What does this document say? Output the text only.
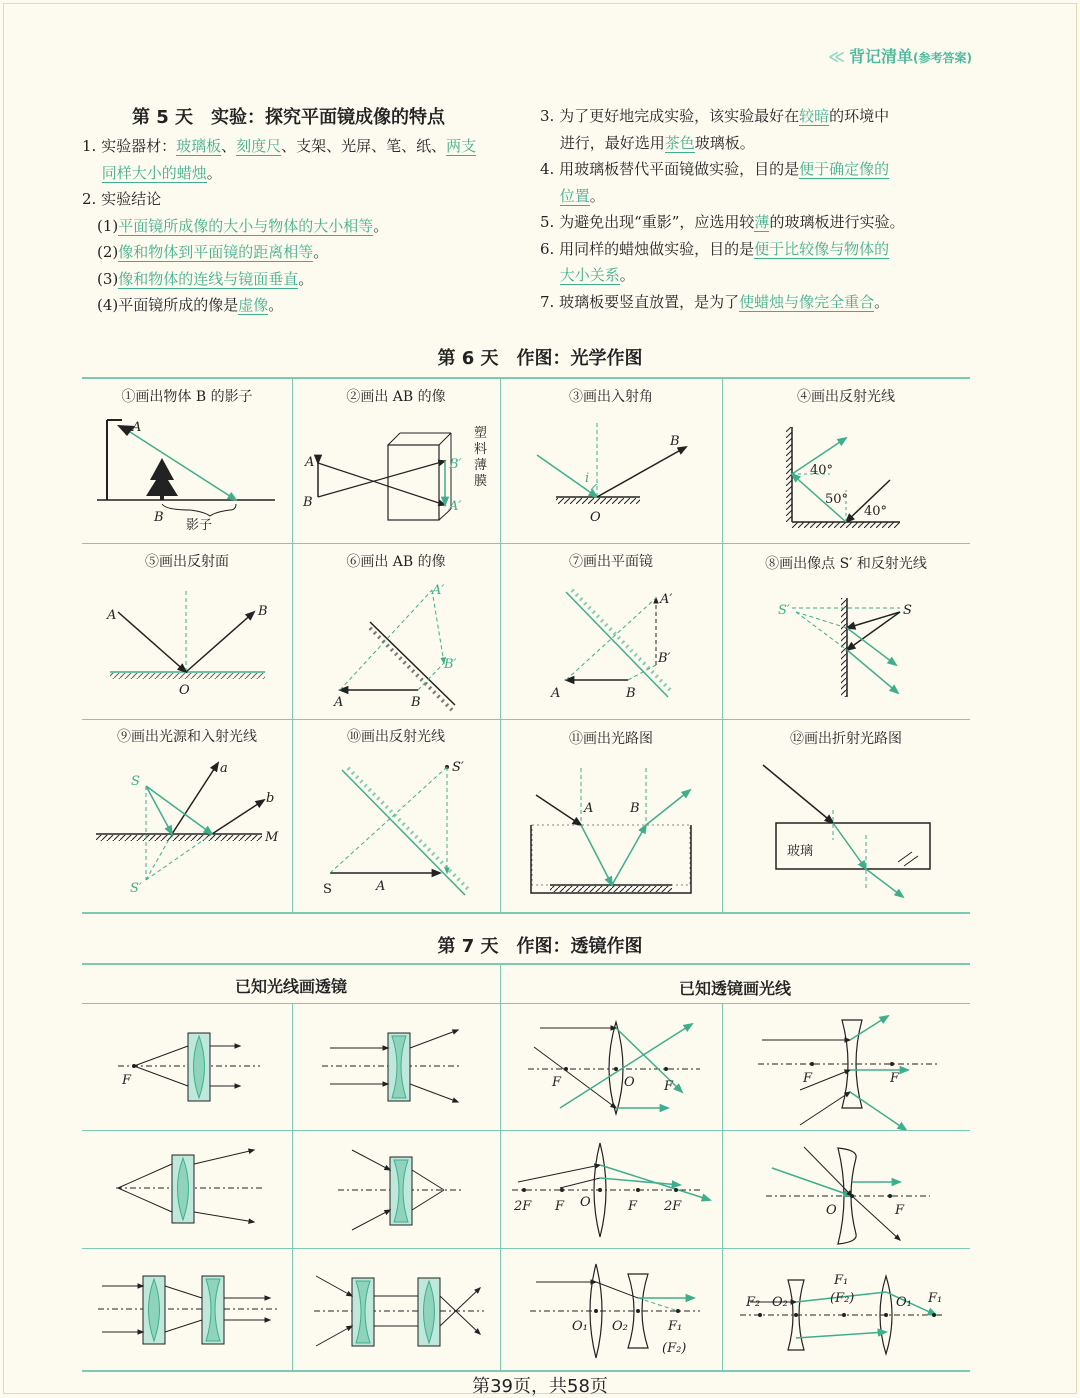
≪ 背记清单(参考答案)
第 5 天　实验：探究平面镜成像的特点
1. 实验器材：玻璃板、刻度尺、支架、光屏、笔、纸、两支
　 同样大小的蜡烛。
2. 实验结论
　(1)平面镜所成像的大小与物体的大小相等。
　(2)像和物体到平面镜的距离相等。
　(3)像和物体的连线与镜面垂直。
　(4)平面镜所成的像是虚像。
3. 为了更好地完成实验，该实验最好在较暗的环境中
　 进行，最好选用茶色玻璃板。
4. 用玻璃板替代平面镜做实验，目的是便于确定像的
　 位置。
5. 为避免出现“重影”，应选用较薄的玻璃板进行实验。
6. 用同样的蜡烛做实验，目的是便于比较像与物体的
　 大小关系。
7. 玻璃板要竖直放置，是为了使蜡烛与像完全重合。
第 6 天　作图：光学作图
①画出物体 B 的影子	②画出 AB 的像	③画出入射角	④画出反射光线
⑤画出反射面	⑥画出 AB 的像	⑦画出平面镜	⑧画出像点 S′ 和反射光线
⑨画出光源和入射光线	⑩画出反射光线	⑪画出光路图	⑫画出折射光路图
A
B
影子
A
B
B′
A′
塑
料
薄
膜	i
B
O
40°
50°
40°
A	B
O
A	B
A′
B′
A′
B′
A	B
S′	S
S
S′
a
b
M
S′
S	A
A	B
玻璃
F	F	O F
F	F
2F F O	F 2F	O	F
O₁ O₂	F₁
(F₂)
F₂ O₂
F₁
(F₂)	O₁ F₁
第 7 天　作图：透镜作图
已知光线画透镜	已知透镜画光线
第39页，共58页
